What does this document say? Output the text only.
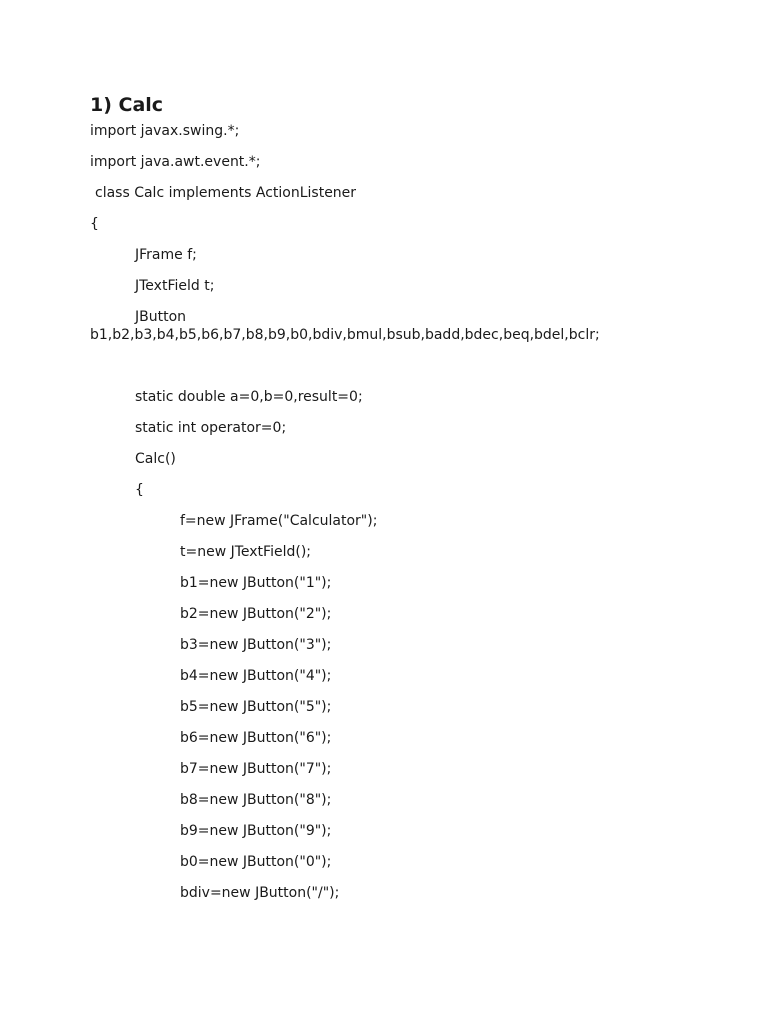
1) Calc
import javax.swing.*;
import java.awt.event.*;
class Calc implements ActionListener
{
JFrame f;
JTextField t;
JButton
b1,b2,b3,b4,b5,b6,b7,b8,b9,b0,bdiv,bmul,bsub,badd,bdec,beq,bdel,bclr;
static double a=0,b=0,result=0;
static int operator=0;
Calc()
{
f=new JFrame("Calculator");
t=new JTextField();
b1=new JButton("1");
b2=new JButton("2");
b3=new JButton("3");
b4=new JButton("4");
b5=new JButton("5");
b6=new JButton("6");
b7=new JButton("7");
b8=new JButton("8");
b9=new JButton("9");
b0=new JButton("0");
bdiv=new JButton("/");
